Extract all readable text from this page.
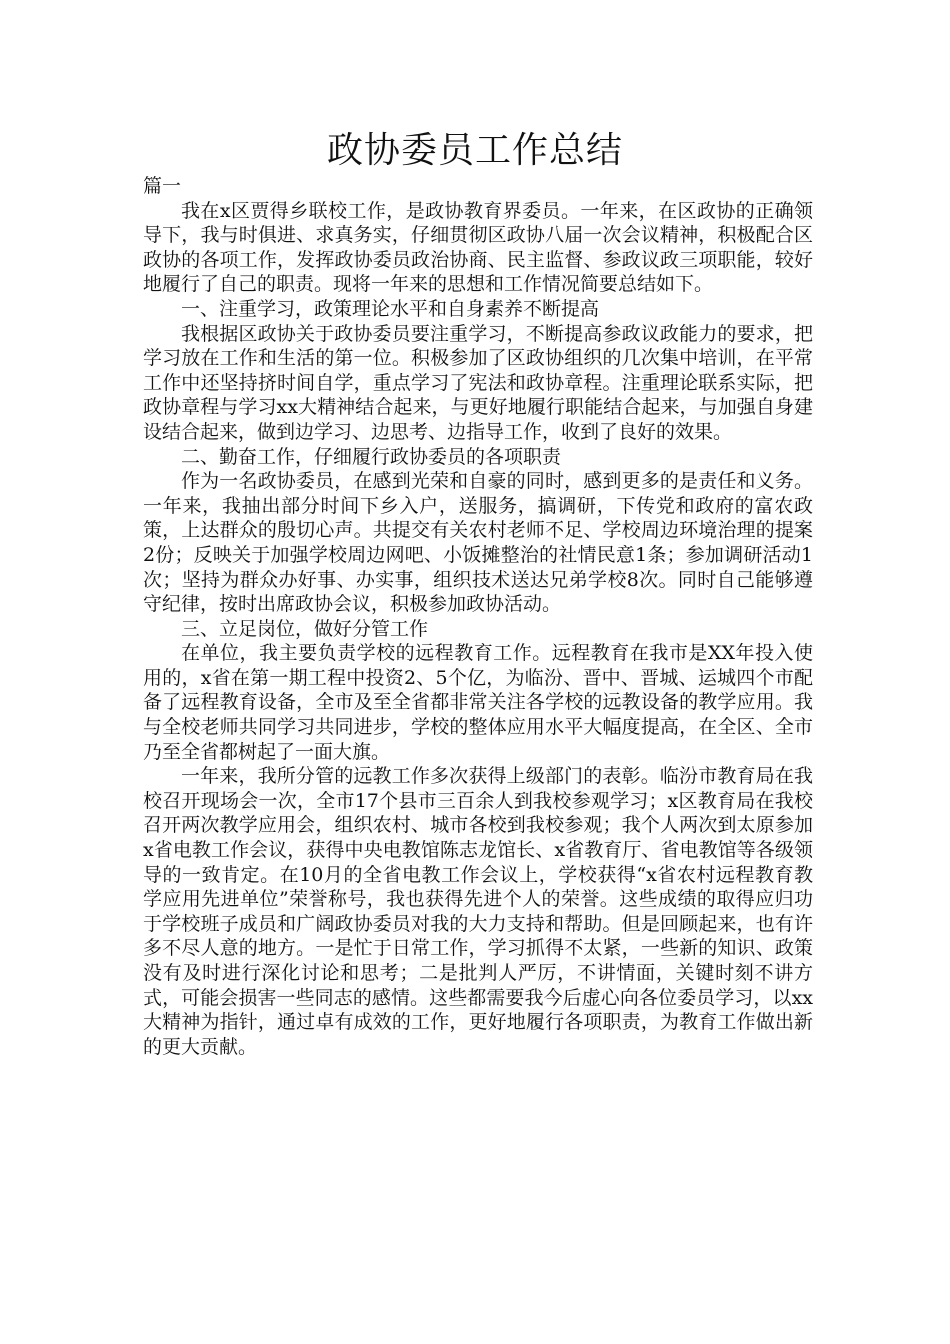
政协委员工作总结

篇一

我在x区贾得乡联校工作，是政协教育界委员。一年来，在区政协的正确领导下，我与时俱进、求真务实，仔细贯彻区政协八届一次会议精神，积极配合区政协的各项工作，发挥政协委员政治协商、民主监督、参政议政三项职能，较好地履行了自己的职责。现将一年来的思想和工作情况简要总结如下。

一、注重学习，政策理论水平和自身素养不断提高

我根据区政协关于政协委员要注重学习，不断提高参政议政能力的要求，把学习放在工作和生活的第一位。积极参加了区政协组织的几次集中培训，在平常工作中还坚持挤时间自学，重点学习了宪法和政协章程。注重理论联系实际，把政协章程与学习xx大精神结合起来，与更好地履行职能结合起来，与加强自身建设结合起来，做到边学习、边思考、边指导工作，收到了良好的效果。

二、勤奋工作，仔细履行政协委员的各项职责

作为一名政协委员，在感到光荣和自豪的同时，感到更多的是责任和义务。一年来，我抽出部分时间下乡入户，送服务，搞调研，下传党和政府的富农政策，上达群众的殷切心声。共提交有关农村老师不足、学校周边环境治理的提案2份；反映关于加强学校周边网吧、小饭摊整治的社情民意1条；参加调研活动1次；坚持为群众办好事、办实事，组织技术送达兄弟学校8次。同时自己能够遵守纪律，按时出席政协会议，积极参加政协活动。

三、立足岗位，做好分管工作

在单位，我主要负责学校的远程教育工作。远程教育在我市是XX年投入使用的，x省在第一期工程中投资2、5个亿，为临汾、晋中、晋城、运城四个市配备了远程教育设备，全市及至全省都非常关注各学校的远教设备的教学应用。我与全校老师共同学习共同进步，学校的整体应用水平大幅度提高，在全区、全市乃至全省都树起了一面大旗。

一年来，我所分管的远教工作多次获得上级部门的表彰。临汾市教育局在我校召开现场会一次，全市17个县市三百余人到我校参观学习；x区教育局在我校召开两次教学应用会，组织农村、城市各校到我校参观；我个人两次到太原参加x省电教工作会议，获得中央电教馆陈志龙馆长、x省教育厅、省电教馆等各级领导的一致肯定。在10月的全省电教工作会议上，学校获得“x省农村远程教育教学应用先进单位”荣誉称号，我也获得先进个人的荣誉。这些成绩的取得应归功于学校班子成员和广阔政协委员对我的大力支持和帮助。但是回顾起来，也有许多不尽人意的地方。一是忙于日常工作，学习抓得不太紧，一些新的知识、政策没有及时进行深化讨论和思考；二是批判人严厉，不讲情面，关键时刻不讲方式，可能会损害一些同志的感情。这些都需要我今后虚心向各位委员学习，以xx大精神为指针，通过卓有成效的工作，更好地履行各项职责，为教育工作做出新的更大贡献。
